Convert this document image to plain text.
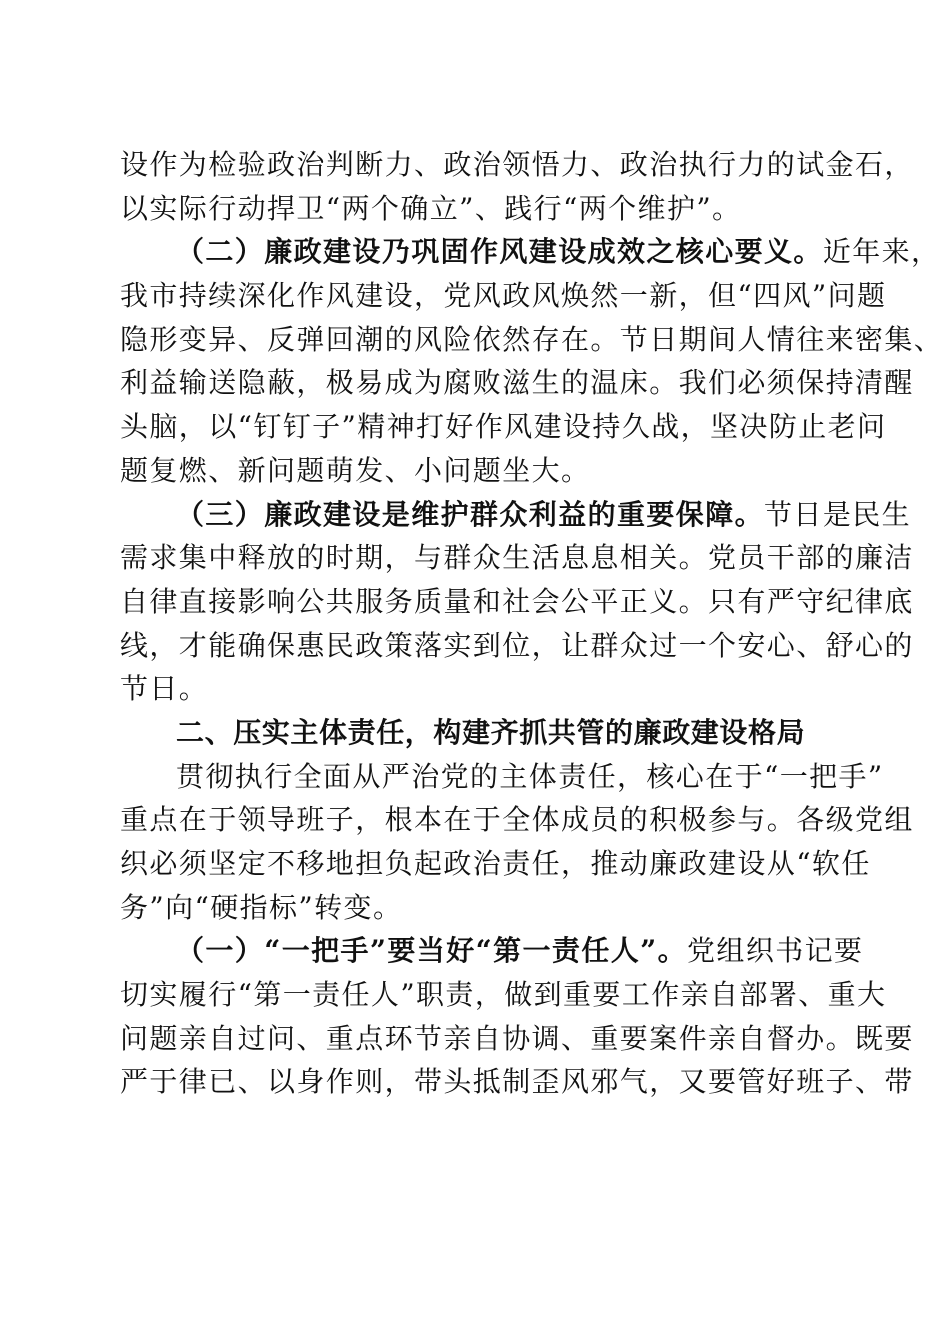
设作为检验政治判断力、政治领悟力、政治执行力的试金石，
以实际行动捍卫“两个确立”、践行“两个维护”。
（二）廉政建设乃巩固作风建设成效之核心要义。近年来，
我市持续深化作风建设，党风政风焕然一新，但“四风”问题
隐形变异、反弹回潮的风险依然存在。节日期间人情往来密集、
利益输送隐蔽，极易成为腐败滋生的温床。我们必须保持清醒
头脑，以“钉钉子”精神打好作风建设持久战，坚决防止老问
题复燃、新问题萌发、小问题坐大。
（三）廉政建设是维护群众利益的重要保障。节日是民生
需求集中释放的时期，与群众生活息息相关。党员干部的廉洁
自律直接影响公共服务质量和社会公平正义。只有严守纪律底
线，才能确保惠民政策落实到位，让群众过一个安心、舒心的
节日。
二、压实主体责任，构建齐抓共管的廉政建设格局
贯彻执行全面从严治党的主体责任，核心在于“一把手”
重点在于领导班子，根本在于全体成员的积极参与。各级党组
织必须坚定不移地担负起政治责任，推动廉政建设从“软任
务”向“硬指标”转变。
（一）“一把手”要当好“第一责任人”。党组织书记要
切实履行“第一责任人”职责，做到重要工作亲自部署、重大
问题亲自过问、重点环节亲自协调、重要案件亲自督办。既要
严于律已、以身作则，带头抵制歪风邪气，又要管好班子、带
